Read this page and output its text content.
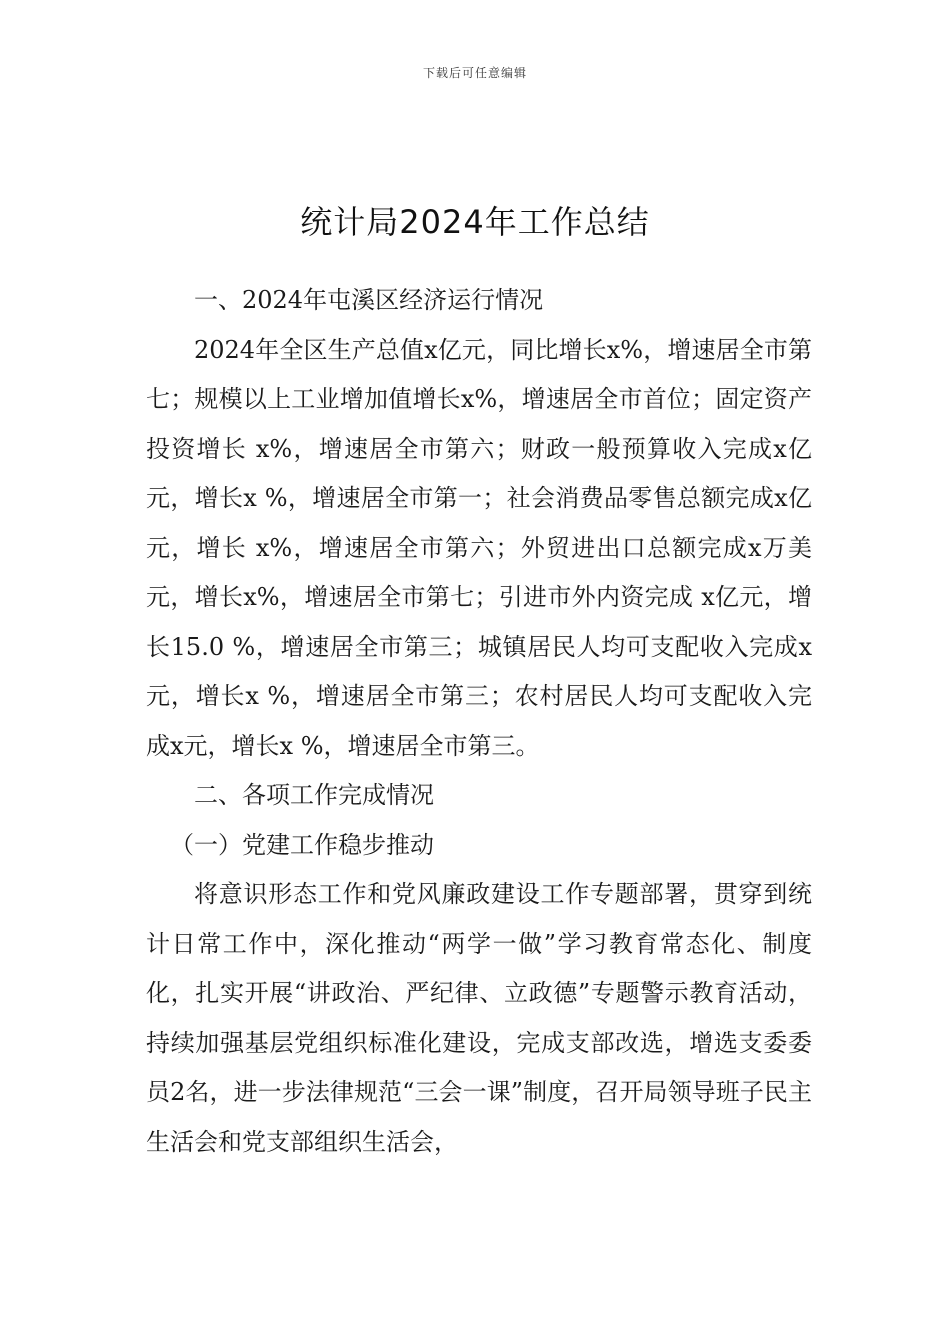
下载后可任意编辑
统计局2024年工作总结

一、2024年屯溪区经济运行情况

2024年全区生产总值x亿元，同比增长x%，增速居全市第七；规模以上工业增加值增长x%，增速居全市首位；固定资产投资增长 x%，增速居全市第六；财政一般预算收入完成x亿元，增长x %，增速居全市第一；社会消费品零售总额完成x亿元，增长 x%，增速居全市第六；外贸进出口总额完成x万美元，增长x%，增速居全市第七；引进市外内资完成 x亿元，增长15.0 %，增速居全市第三；城镇居民人均可支配收入完成x元，增长x %，增速居全市第三；农村居民人均可支配收入完成x元，增长x %，增速居全市第三。

二、各项工作完成情况

（一）党建工作稳步推动

将意识形态工作和党风廉政建设工作专题部署，贯穿到统计日常工作中，深化推动“两学一做”学习教育常态化、制度化，扎实开展“讲政治、严纪律、立政德”专题警示教育活动，持续加强基层党组织标准化建设，完成支部改选，增选支委委员2名，进一步法律规范“三会一课”制度，召开局领导班子民主生活会和党支部组织生活会，
